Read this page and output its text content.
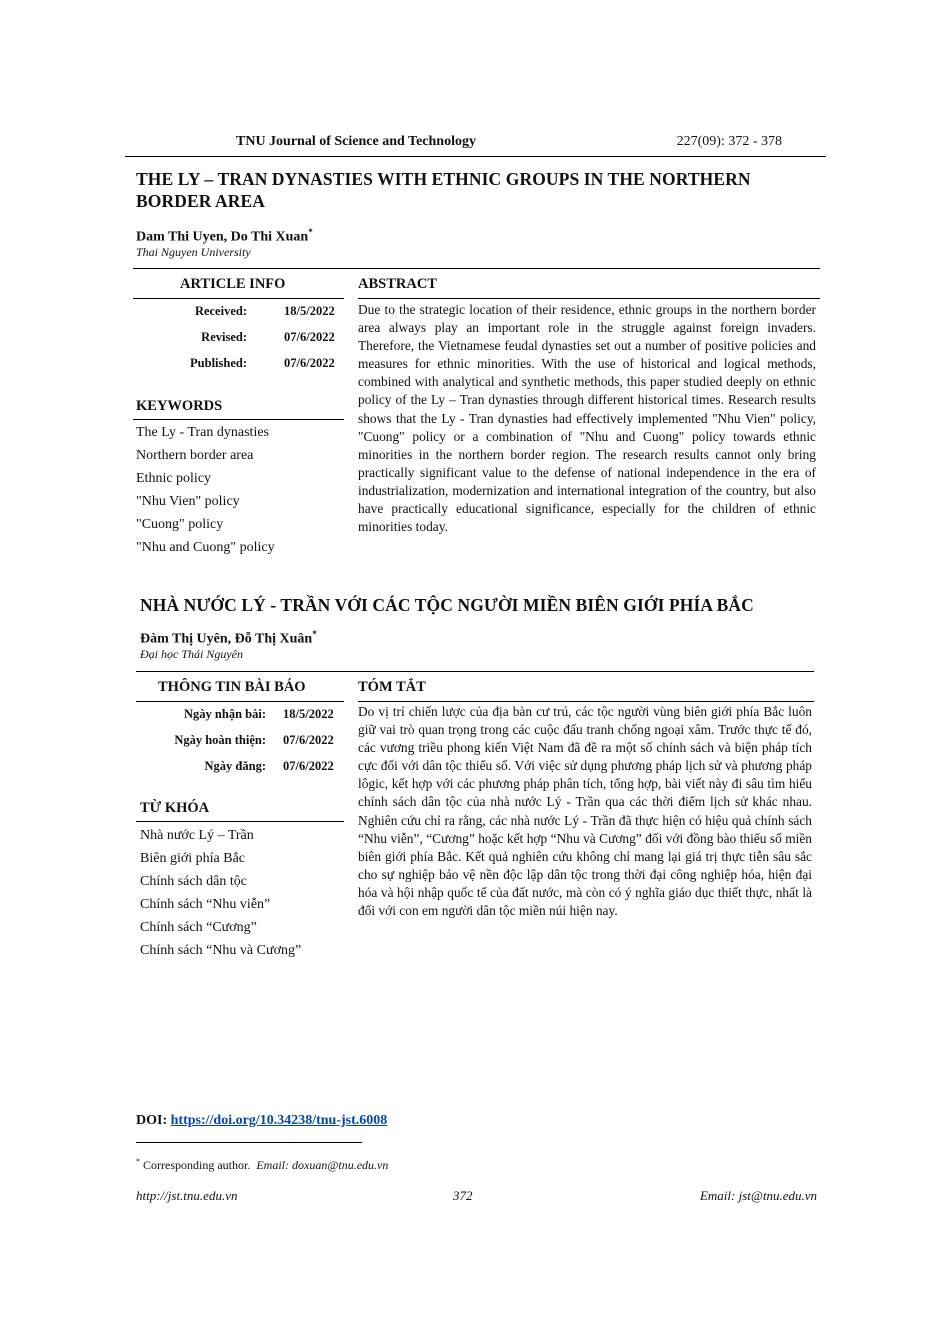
TNU Journal of Science and Technology	227(09): 372 - 378
THE LY – TRAN DYNASTIES WITH ETHNIC GROUPS IN THE NORTHERN BORDER AREA
Dam Thi Uyen, Do Thi Xuan*
Thai Nguyen University
ARTICLE INFO	ABSTRACT
Received:	18/5/2022
Revised:	07/6/2022
Published:	07/6/2022
KEYWORDS
The Ly - Tran dynasties
Northern border area
Ethnic policy
"Nhu Vien" policy
"Cuong" policy
"Nhu and Cuong" policy
Due to the strategic location of their residence, ethnic groups in the northern border area always play an important role in the struggle against foreign invaders. Therefore, the Vietnamese feudal dynasties set out a number of positive policies and measures for ethnic minorities. With the use of historical and logical methods, combined with analytical and synthetic methods, this paper studied deeply on ethnic policy of the Ly – Tran dynasties through different historical times. Research results shows that the Ly - Tran dynasties had effectively implemented "Nhu Vien" policy, "Cuong" policy or a combination of "Nhu and Cuong" policy towards ethnic minorities in the northern border region. The research results cannot only bring practically significant value to the defense of national independence in the era of industrialization, modernization and international integration of the country, but also have practically educational significance, especially for the children of ethnic minorities today.
NHÀ NƯỚC LÝ - TRẦN VỚI CÁC TỘC NGƯỜI MIỀN BIÊN GIỚI PHÍA BẮC
Đàm Thị Uyên, Đỗ Thị Xuân*
Đại học Thái Nguyên
THÔNG TIN BÀI BÁO	TÓM TẮT
Ngày nhận bài: 18/5/2022
Ngày hoàn thiện: 07/6/2022
Ngày đăng: 07/6/2022
TỪ KHÓA
Nhà nước Lý – Trần
Biên giới phía Bắc
Chính sách dân tộc
Chính sách “Nhu viễn”
Chính sách “Cương”
Chính sách “Nhu và Cương”
Do vị trí chiến lược của địa bàn cư trú, các tộc người vùng biên giới phía Bắc luôn giữ vai trò quan trọng trong các cuộc đấu tranh chống ngoại xâm. Trước thực tế đó, các vương triều phong kiến Việt Nam đã đề ra một số chính sách và biện pháp tích cực đối với dân tộc thiểu số. Với việc sử dụng phương pháp lịch sử và phương pháp lôgic, kết hợp với các phương pháp phân tích, tổng hợp, bài viết này đi sâu tìm hiểu chính sách dân tộc của nhà nước Lý - Trần qua các thời điểm lịch sử khác nhau. Nghiên cứu chỉ ra rằng, các nhà nước Lý - Trần đã thực hiện có hiệu quả chính sách “Nhu viễn”, “Cương” hoặc kết hợp “Nhu và Cương” đối với đồng bào thiểu số miền biên giới phía Bắc. Kết quả nghiên cứu không chỉ mang lại giá trị thực tiễn sâu sắc cho sự nghiệp bảo vệ nền độc lập dân tộc trong thời đại công nghiệp hóa, hiện đại hóa và hội nhập quốc tế của đất nước, mà còn có ý nghĩa giáo dục thiết thực, nhất là đối với con em người dân tộc miền núi hiện nay.
DOI: https://doi.org/10.34238/tnu-jst.6008
* Corresponding author. Email: doxuan@tnu.edu.vn
http://jst.tnu.edu.vn	372	Email: jst@tnu.edu.vn
